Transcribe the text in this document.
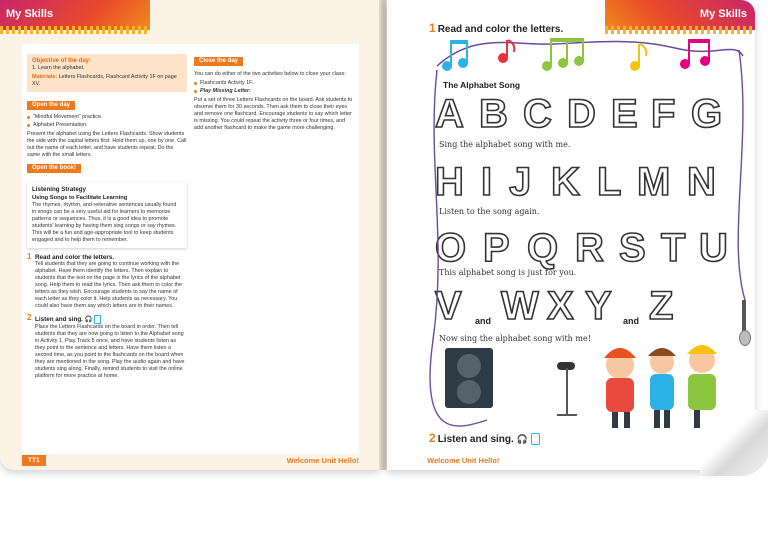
My Skills
Objective of the day:
1. Learn the alphabet.
Materials: Letters Flashcards, Flashcard Activity 1F on page XV.
Open the day
“Mindful Movement” practice.
Alphabet Presentation.

Present the alphabet using the Letters Flashcards. Show students the side with the capital letters first. Hold them up, one by one. Call out the name of each letter, and have students repeat. Do the same with the small letters.

Open the book!
Listening Strategy
Using Songs to Facilitate Learning
The rhymes, rhythm, and reiterative sentences usually found in songs can be a very useful aid for learners to memorize patterns or sequences. Thus, it is a good idea to promote students' learning by having them sing songs or say rhymes. This will be a fun and age-appropriate tool to keep students engaged and to help them to remember.
1 Read and color the letters.
Tell students that they are going to continue working with the alphabet. Have them identify the letters. Then explain to students that the text on the page is the lyrics of the alphabet song. Help them to read the lyrics. Then ask them to color the letters as they wish. Encourage students to say the name of each letter as they color it. Help students as necessary. You could also have them say which letters are in their names.
2 Listen and sing. 🎧
Place the Letters Flashcards on the board in order. Then tell students that they are now going to listen to the Alphabet song in Activity 1. Play Track 5 once, and have students listen as they point to the sentence and letters. Have them listen a second time, as you point to the flashcards on the board when they are mentioned in the song. Play the audio again and have students sing along. Finally, remind students to visit the online platform for more practice at home.
Close the day

You can do either of the two activities below to close your class:

Flashcards Activity 1F.
Play Missing Letter:

Put a set of three Letters Flashcards on the board. Ask students to observe them for 30 seconds. Then ask them to close their eyes and remove one flashcard. Encourage students to say which letter is missing. You could repeat the activity three or four times, and add another flashcard to make the game more challenging.

TT1	Welcome Unit Hello!
My Skills
1 Read and color the letters.
The Alphabet Song
A B C D E F G
Sing the alphabet song with me.
H I J K L M N
Listen to the song again.
O P Q R S T U
This alphabet song is just for you.
V W X Y Z
and	and
Now sing the alphabet song with me!
2 Listen and sing. 🎧
Welcome Unit Hello!
